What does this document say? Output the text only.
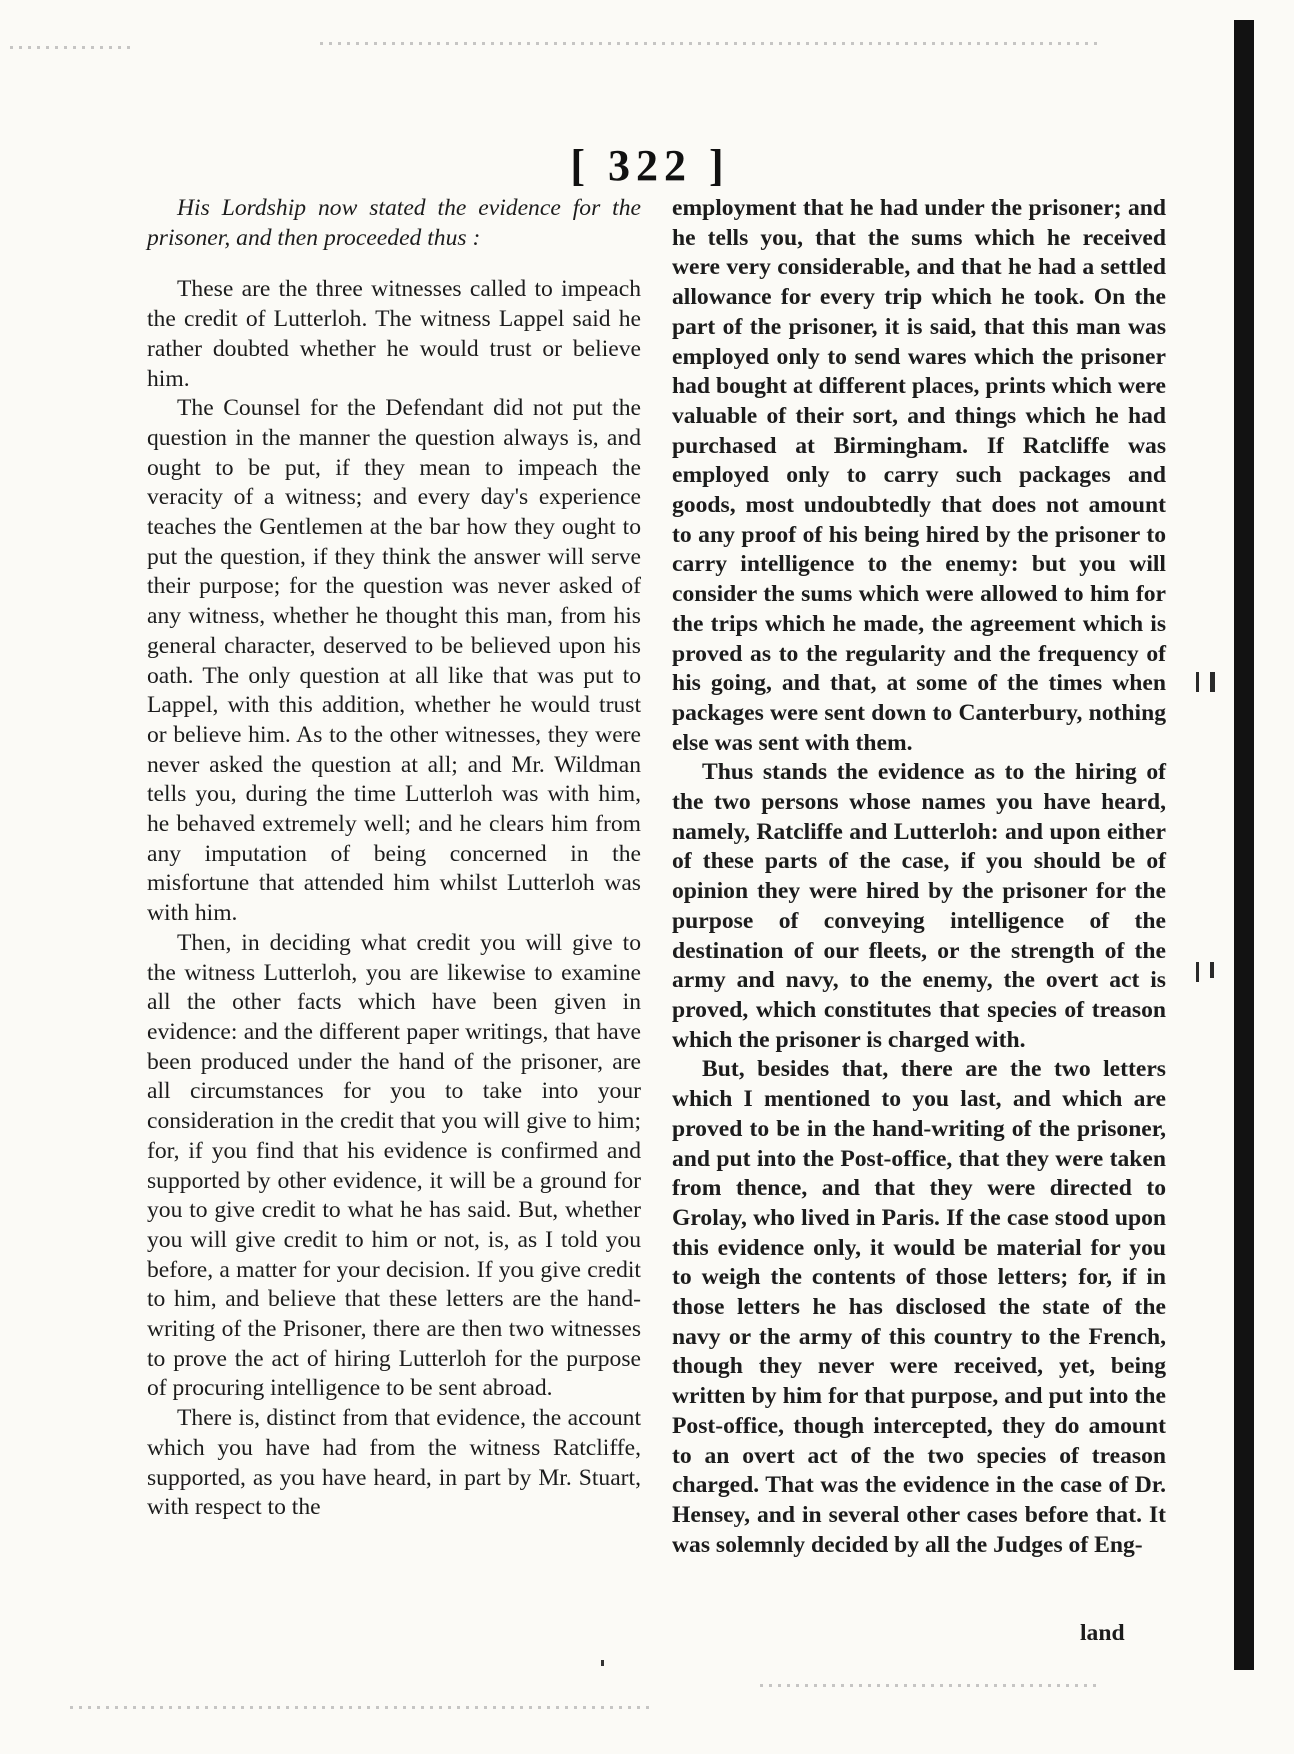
[ 322 ]

His Lordship now stated the evidence for the prisoner, and then proceeded thus :

These are the three witnesses called to impeach the credit of Lutterloh. The witness Lappel said he rather doubted whether he would trust or believe him.

The Counsel for the Defendant did not put the question in the manner the question always is, and ought to be put, if they mean to impeach the veracity of a witness; and every day's experience teaches the Gentlemen at the bar how they ought to put the question, if they think the answer will serve their purpose; for the question was never asked of any witness, whether he thought this man, from his general character, deserved to be believed upon his oath. The only question at all like that was put to Lappel, with this addition, whether he would trust or believe him. As to the other witnesses, they were never asked the question at all; and Mr. Wildman tells you, during the time Lutterloh was with him, he behaved extremely well; and he clears him from any imputation of being concerned in the misfortune that attended him whilst Lutterloh was with him.

Then, in deciding what credit you will give to the witness Lutterloh, you are likewise to examine all the other facts which have been given in evidence: and the different paper writings, that have been produced under the hand of the prisoner, are all circumstances for you to take into your consideration in the credit that you will give to him; for, if you find that his evidence is confirmed and supported by other evidence, it will be a ground for you to give credit to what he has said. But, whether you will give credit to him or not, is, as I told you before, a matter for your decision. If you give credit to him, and believe that these letters are the hand-writing of the Prisoner, there are then two witnesses to prove the act of hiring Lutterloh for the purpose of procuring intelligence to be sent abroad.

There is, distinct from that evidence, the account which you have had from the witness Ratcliffe, supported, as you have heard, in part by Mr. Stuart, with respect to the

employment that he had under the prisoner; and he tells you, that the sums which he received were very considerable, and that he had a settled allowance for every trip which he took. On the part of the prisoner, it is said, that this man was employed only to send wares which the prisoner had bought at different places, prints which were valuable of their sort, and things which he had purchased at Birmingham. If Ratcliffe was employed only to carry such packages and goods, most undoubtedly that does not amount to any proof of his being hired by the prisoner to carry intelligence to the enemy: but you will consider the sums which were allowed to him for the trips which he made, the agreement which is proved as to the regularity and the frequency of his going, and that, at some of the times when packages were sent down to Canterbury, nothing else was sent with them.

Thus stands the evidence as to the hiring of the two persons whose names you have heard, namely, Ratcliffe and Lutterloh: and upon either of these parts of the case, if you should be of opinion they were hired by the prisoner for the purpose of conveying intelligence of the destination of our fleets, or the strength of the army and navy, to the enemy, the overt act is proved, which constitutes that species of treason which the prisoner is charged with.

But, besides that, there are the two letters which I mentioned to you last, and which are proved to be in the hand-writing of the prisoner, and put into the Post-office, that they were taken from thence, and that they were directed to Grolay, who lived in Paris. If the case stood upon this evidence only, it would be material for you to weigh the contents of those letters; for, if in those letters he has disclosed the state of the navy or the army of this country to the French, though they never were received, yet, being written by him for that purpose, and put into the Post-office, though intercepted, they do amount to an overt act of the two species of treason charged. That was the evidence in the case of Dr. Hensey, and in several other cases before that. It was solemnly decided by all the Judges of Eng-

land
